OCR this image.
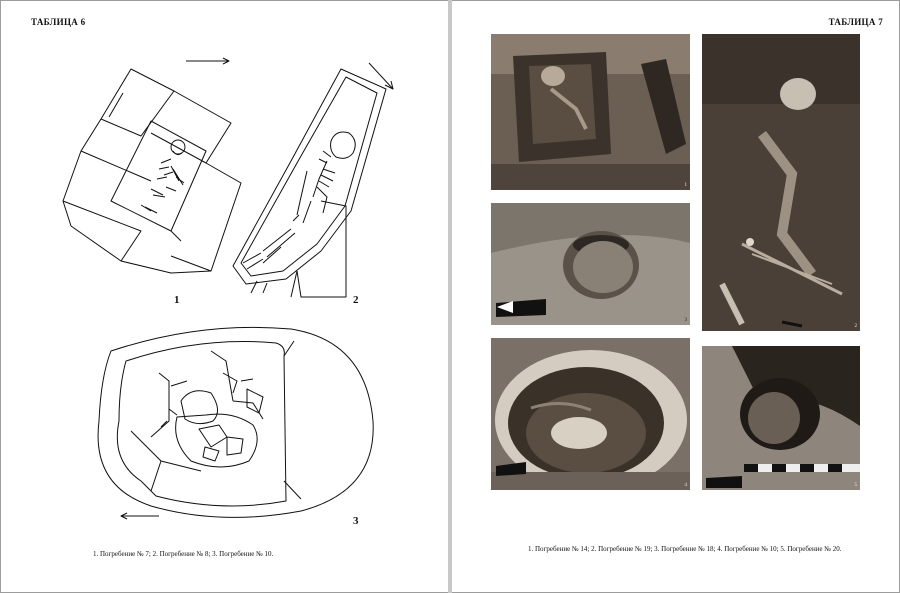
ТАБЛИЦА 6
1	2
3
1. Погребение № 7; 2. Погребение № 8; 3. Погребение № 10.
ТАБЛИЦА 7
1
2
3
4	5
1. Погребение № 14; 2. Погребение № 19; 3. Погребение № 18; 4. Погребение № 10; 5. Погребение № 20.
